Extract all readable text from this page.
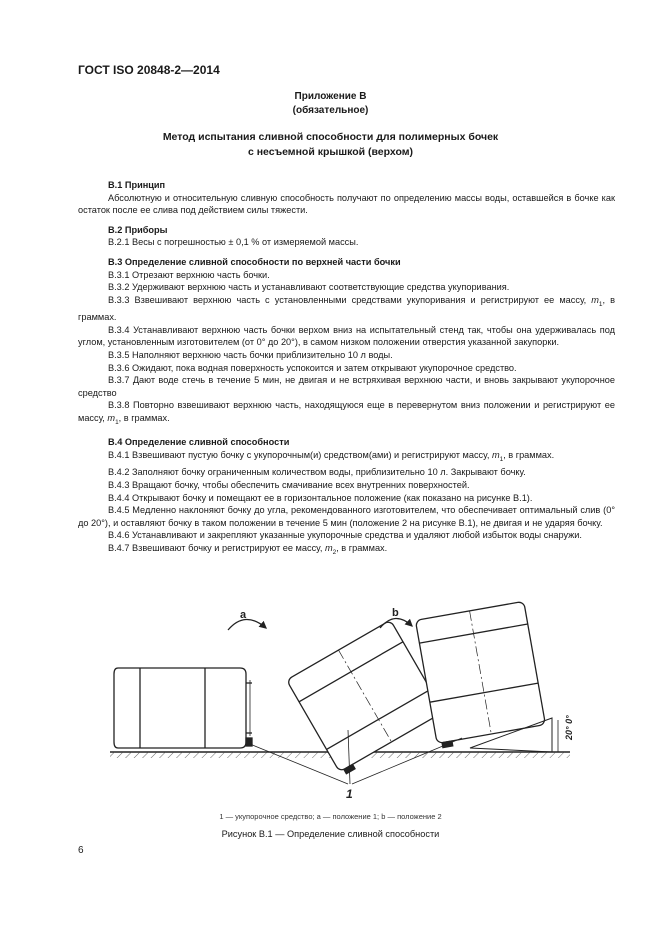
ГОСТ ISO 20848-2—2014
Приложение В
(обязательное)
Метод испытания сливной способности для полимерных бочек
с несъемной крышкой (верхом)

В.1 Принцип

Абсолютную и относительную сливную способность получают по определению массы воды, оставшейся в бочке как остаток после ее слива под действием силы тяжести.

В.2 Приборы

В.2.1 Весы с погрешностью ± 0,1 % от измеряемой массы.

В.3 Определение сливной способности по верхней части бочки

В.3.1 Отрезают верхнюю часть бочки.

В.3.2 Удерживают верхнюю часть и устанавливают соответствующие средства укупоривания.

В.3.3 Взвешивают верхнюю часть с установленными средствами укупоривания и регистрируют ее массу, $m_1$, в граммах.

В.3.4 Устанавливают верхнюю часть бочки верхом вниз на испытательный стенд так, чтобы она удерживалась под углом, установленным изготовителем (от 0° до 20°), в самом низком положении отверстия указанной закупорки.

В.3.5 Наполняют верхнюю часть бочки приблизительно 10 л воды.

В.3.6 Ожидают, пока водная поверхность успокоится и затем открывают укупорочное средство.

В.3.7 Дают воде стечь в течение 5 мин, не двигая и не встряхивая верхнюю части, и вновь закрывают укупорочное средство

В.3.8 Повторно взвешивают верхнюю часть, находящуюся еще в перевернутом вниз положении и регистрируют ее массу, $m_1$, в граммах.

В.4 Определение сливной способности

В.4.1 Взвешивают пустую бочку с укупорочным(и) средством(ами) и регистрируют массу, $m_1$, в граммах.

В.4.2 Заполняют бочку ограниченным количеством воды, приблизительно 10 л. Закрывают бочку.

В.4.3 Вращают бочку, чтобы обеспечить смачивание всех внутренних поверхностей.

В.4.4 Открывают бочку и помещают ее в горизонтальное положение (как показано на рисунке В.1).

В.4.5 Медленно наклоняют бочку до угла, рекомендованного изготовителем, что обеспечивает оптимальный слив (0° до 20°), и оставляют бочку в таком положении в течение 5 мин (положение 2 на рисунке В.1), не двигая и не ударяя бочку.

В.4.6 Устанавливают и закрепляют указанные укупорочные средства и удаляют любой избыток воды снаружи.

В.4.7 Взвешивают бочку и регистрируют ее массу, $m_2$, в граммах.

a	b
1
20° 0°
1 — укупорочное средство; a — положение 1; b — положение 2
Рисунок В.1 — Определение сливной способности
6
